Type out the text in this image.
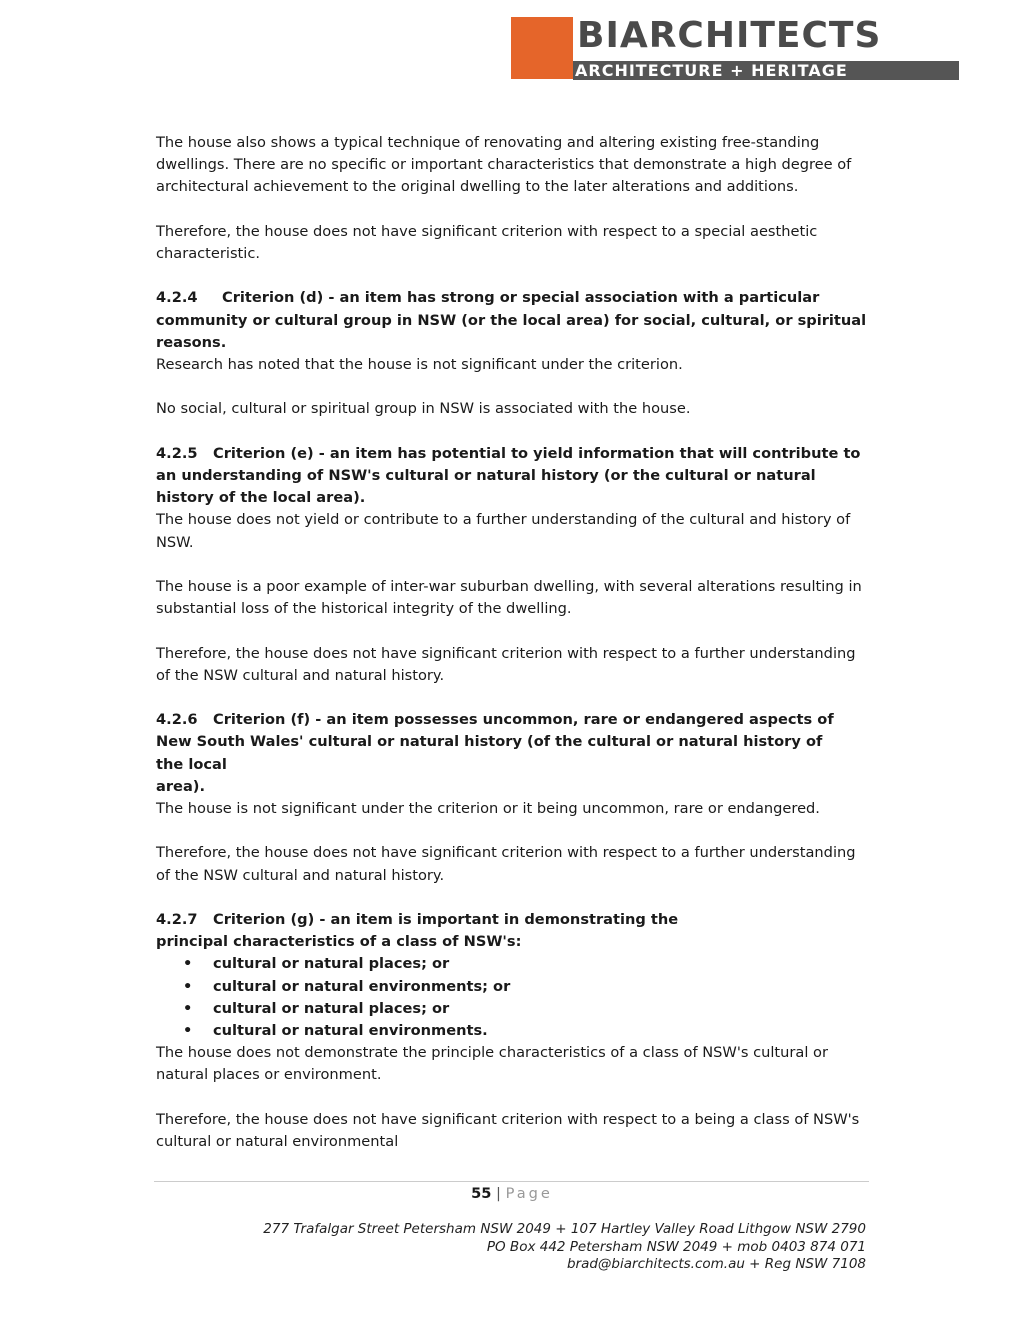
BIARCHITECTS
ARCHITECTURE + HERITAGE

The house also shows a typical technique of renovating and altering existing free-standing dwellings. There are no specific or important characteristics that demonstrate a high degree of architectural achievement to the original dwelling to the later alterations and additions.

Therefore, the house does not have significant criterion with respect to a special aesthetic characteristic.

4.2.4 Criterion (d) - an item has strong or special association with a particular community or cultural group in NSW (or the local area) for social, cultural, or spiritual reasons.
Research has noted that the house is not significant under the criterion.

No social, cultural or spiritual group in NSW is associated with the house.

4.2.5 Criterion (e) - an item has potential to yield information that will contribute to an understanding of NSW's cultural or natural history (or the cultural or natural history of the local area).

The house does not yield or contribute to a further understanding of the cultural and history of NSW.

The house is a poor example of inter-war suburban dwelling, with several alterations resulting in substantial loss of the historical integrity of the dwelling.

Therefore, the house does not have significant criterion with respect to a further understanding of the NSW cultural and natural history.

4.2.6 Criterion (f) - an item possesses uncommon, rare or endangered aspects of New South Wales' cultural or natural history (of the cultural or natural history of the local
area).

The house is not significant under the criterion or it being uncommon, rare or endangered.

Therefore, the house does not have significant criterion with respect to a further understanding of the NSW cultural and natural history.

4.2.7 Criterion (g) - an item is important in demonstrating the principal characteristics of a class of NSW's:
• cultural or natural places; or
• cultural or natural environments; or
• cultural or natural places; or
• cultural or natural environments.

The house does not demonstrate the principle characteristics of a class of NSW's cultural or natural places or environment.

Therefore, the house does not have significant criterion with respect to a being a class of NSW's cultural or natural environmental

55 | Page
277 Trafalgar Street Petersham NSW 2049 + 107 Hartley Valley Road Lithgow NSW 2790
PO Box 442 Petersham NSW 2049 + mob 0403 874 071
brad@biarchitects.com.au + Reg NSW 7108
